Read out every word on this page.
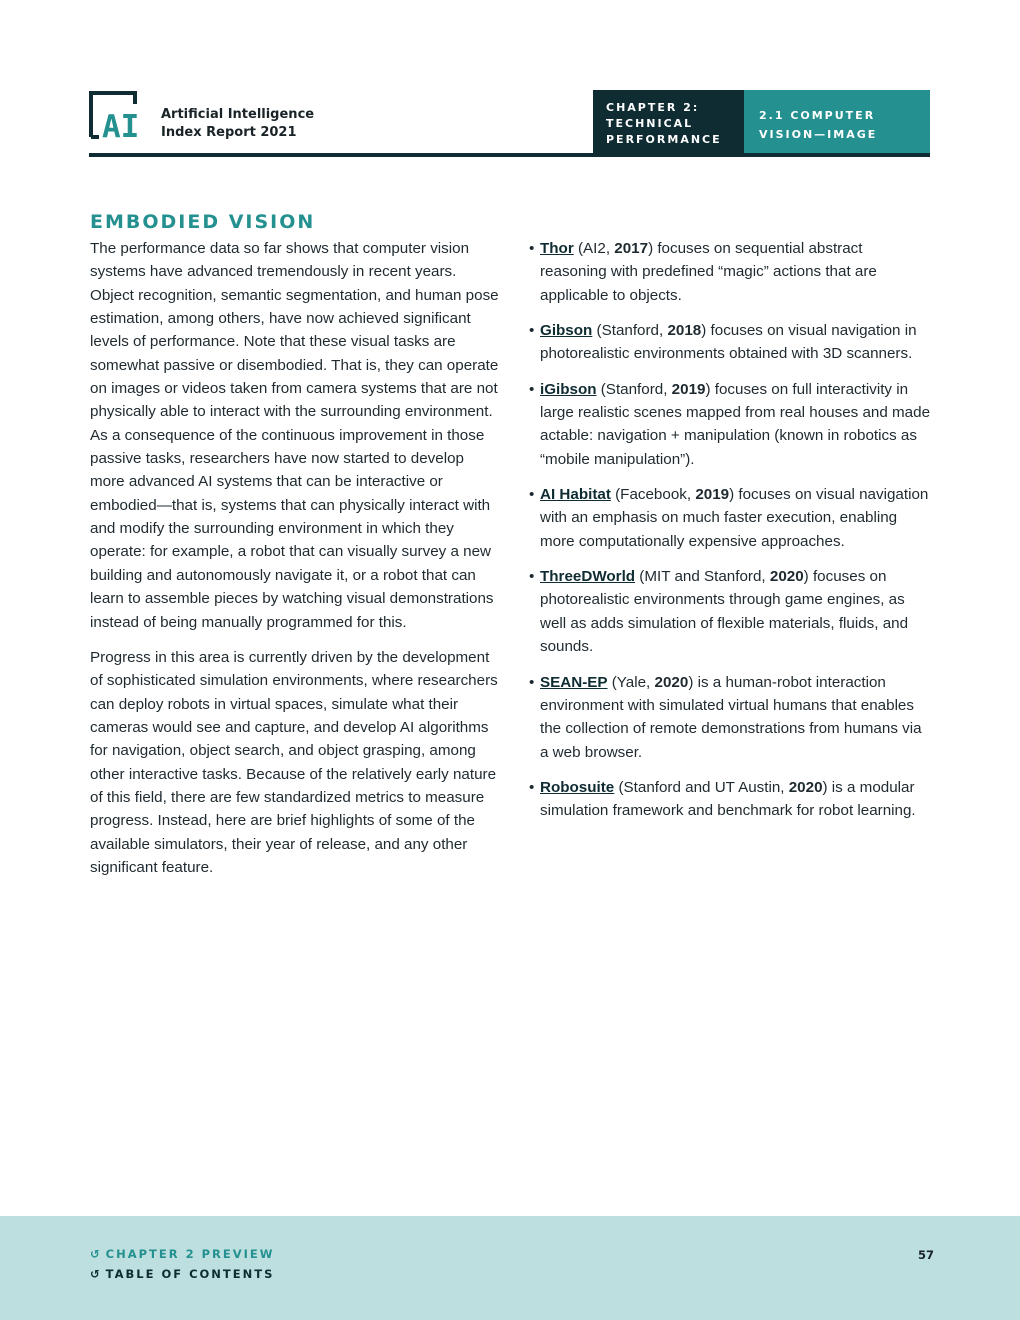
AI Artificial Intelligence
Index Report 2021
CHAPTER 2:
TECHNICAL
PERFORMANCE
2.1 COMPUTER
VISION—IMAGE
EMBODIED VISION

The performance data so far shows that computer vision systems have advanced tremendously in recent years. Object recognition, semantic segmentation, and human pose estimation, among others, have now achieved significant levels of performance. Note that these visual tasks are somewhat passive or disembodied. That is, they can operate on images or videos taken from camera systems that are not physically able to interact with the surrounding environment. As a consequence of the continuous improvement in those passive tasks, researchers have now started to develop more advanced AI systems that can be interactive or embodied—that is, systems that can physically interact with and modify the surrounding environment in which they operate: for example, a robot that can visually survey a new building and autonomously navigate it, or a robot that can learn to assemble pieces by watching visual demonstrations instead of being manually programmed for this.

Progress in this area is currently driven by the development of sophisticated simulation environments, where researchers can deploy robots in virtual spaces, simulate what their cameras would see and capture, and develop AI algorithms for navigation, object search, and object grasping, among other interactive tasks. Because of the relatively early nature of this field, there are few standardized metrics to measure progress. Instead, here are brief highlights of some of the available simulators, their year of release, and any other significant feature.

• Thor (AI2, 2017) focuses on sequential abstract reasoning with predefined “magic” actions that are applicable to objects.
• Gibson (Stanford, 2018) focuses on visual navigation in photorealistic environments obtained with 3D scanners.
• iGibson (Stanford, 2019) focuses on full interactivity in large realistic scenes mapped from real houses and made actable: navigation + manipulation (known in robotics as “mobile manipulation”).
• AI Habitat (Facebook, 2019) focuses on visual navigation with an emphasis on much faster execution, enabling more computationally expensive approaches.
• ThreeDWorld (MIT and Stanford, 2020) focuses on photorealistic environments through game engines, as well as adds simulation of flexible materials, fluids, and sounds.
• SEAN-EP (Yale, 2020) is a human-robot interaction environment with simulated virtual humans that enables the collection of remote demonstrations from humans via a web browser.
• Robosuite (Stanford and UT Austin, 2020) is a modular simulation framework and benchmark for robot learning.
↺ CHAPTER 2 PREVIEW
↺ TABLE OF CONTENTS
57
